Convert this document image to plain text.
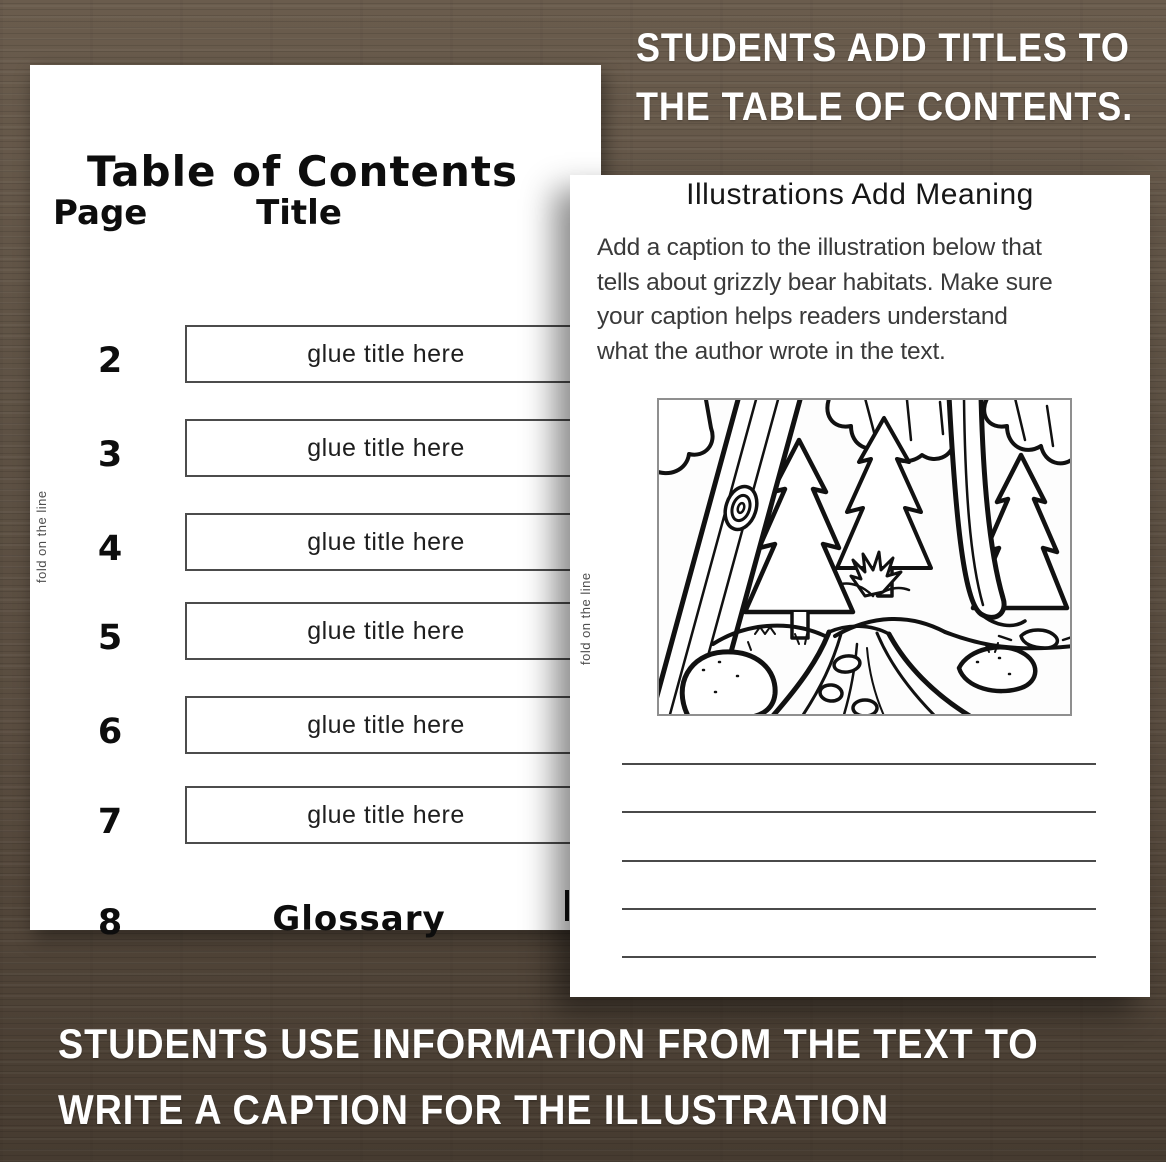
STUDENTS ADD TITLES TO
THE TABLE OF CONTENTS.
Table of Contents
Page	Title
2	glue title here
3	glue title here
4	glue title here
5	glue title here
6	glue title here
7	glue title here
8	Glossary
fold on the line
Illustrations Add Meaning
Add a caption to the illustration below that
tells about grizzly bear habitats. Make sure
your caption helps readers understand
what the author wrote in the text.
fold on the line
STUDENTS USE INFORMATION FROM THE TEXT TO
WRITE A CAPTION FOR THE ILLUSTRATION
